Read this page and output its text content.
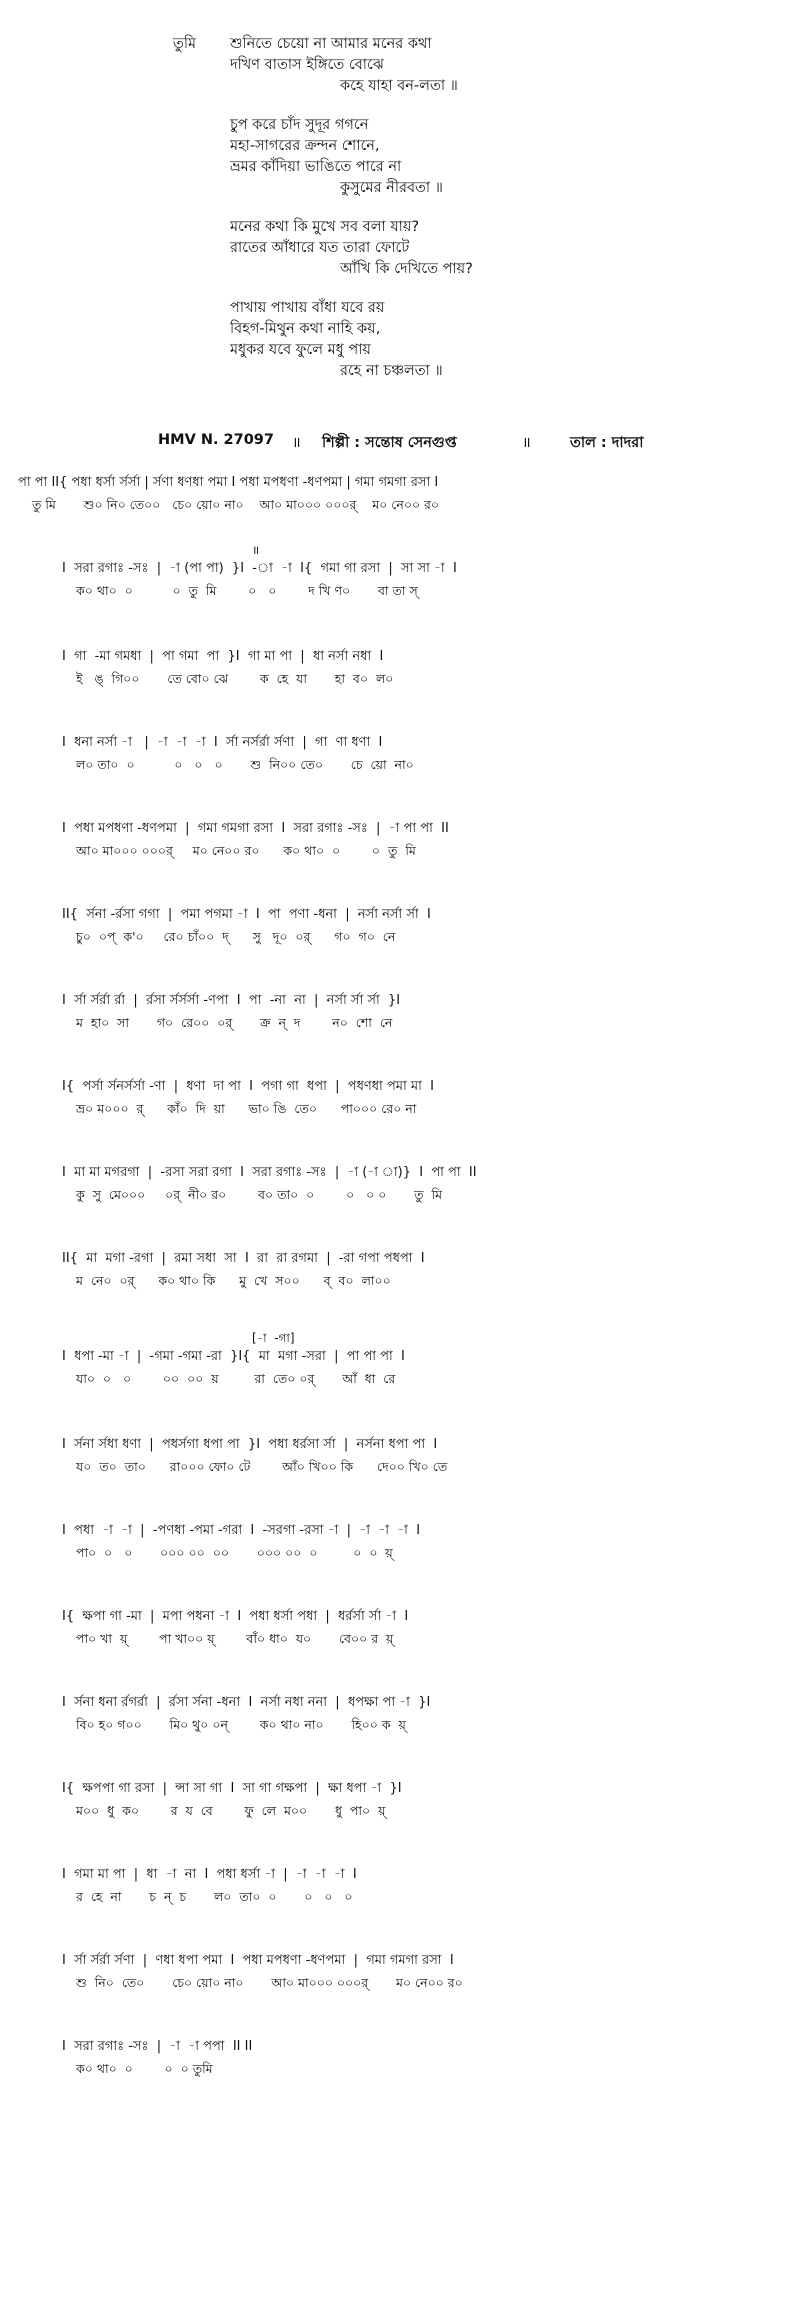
তুমি শুনিতে চেয়ো না আমার মনের কথা
দখিণ বাতাস ইঙ্গিতে বোঝে
কহে যাহা বন-লতা ॥
চুপ করে চাঁদ সুদূর গগনে
মহা-সাগরের ক্রন্দন শোনে,
ভ্রমর কাঁদিয়া ভাঙিতে পারে না
কুসুমের নীরবতা ॥
মনের কথা কি মুখে সব বলা যায়?
রাতের আঁধারে যত তারা ফোটে
আঁখি কি দেখিতে পায়?
পাখায় পাখায় বাঁধা যবে রয়
বিহগ-মিথুন কথা নাহি কয়,
মধুকর যবে ফুলে মধু পায়
রহে না চঞ্চলতা ॥
HMV N. 27097 ॥ শিল্পী : সন্তোষ সেনগুপ্ত	॥	তাল : দাদরা
পা পা II{ পধা ধর্সা র্সর্সা | র্সণা ধণধা পমা I পধা মপধণা -ধণপমা | গমা গমগা রসা I
তু মি       শু০ নি০ তে০০   চে০ য়ো০ না০    আ০ মা০০০ ০০০র্    ম০ নে০০ র০
॥
I  সরা রগাঃ -সঃ  |  -া (পা পা)  }I  -া  -া  I{  গমা গা রসা  |  সা সা -া  I
ক০ থা০  ০          ০  তু  মি        ০   ০        দ খি ণ০       বা তা স্
I  গা  -মা গমধা  |  পা গমা  পা  }I  গা মা পা  |  ধা নর্সা নধা  I
ই   ঙ্  গি০০       তে বো০ ঝে        ক  হে  যা       হা  ব০  ল০
I  ধনা নর্সা -া   |  -া  -া  -া  I  র্সা নর্সর্রা র্সণা  |  গা  ণা ধণা  I
ল০ তা০  ০          ০   ০   ০       শু  নি০০ তে০       চে  য়ো  না০
I  পধা মপধণা -ধণপমা  |  গমা গমগা রসা  I  সরা রগাঃ -সঃ  |  -া পা পা  II
আ০ মা০০০ ০০০র্     ম০ নে০০ র০      ক০ থা০  ০        ০  তু  মি
II{  র্সনা -র্রসা গগা  |  পমা পগমা -া  I  পা  পণা -ধনা  |  নর্সা নর্সা র্সা  I
চু০  ০প্  ক'০     রে০ চাঁ০০  দ্      সু   দূ০  ০র্      গ০  গ০  নে
I  র্সা র্সর্রা র্রা  |  র্রসা র্সর্সর্সা -ণপা  I  পা  -না  না  |  নর্সা র্সা র্সা  }I
ম  হা০  সা       গ০  রে০০  ০র্       ক্র  ন্  দ        ন০  শো  নে
I{  পর্সা র্সনর্সর্সা -ণা  |  ধণা  দা পা  I  পগা গা  ধপা  |  পধণধা পমা মা  I
ভ্র০ ম০০০  র্      কাঁ০  দি  য়া      ভা০ ঙি  তে০      পা০০০ রে০ না
I  মা মা মগরগা  |  -রসা সরা রগা  I  সরা রগাঃ -সঃ  |  -া (-া া)}  I  পা পা  II
কু  সু  মে০০০     ০র্  নী০ র০        ব০ তা০  ০        ০   ০ ০       তু  মি
II{  মা  মগা -রগা  |  রমা সধা  সা  I  রা  রা রগমা  |  -রা গপা পধপা  I
ম  নে০  ০র্      ক০ থা০ কি      মু  খে  স০০      ব্  ব০  লা০০
[-া  -গা]
I  ধপা -মা -া  |  -গমা -গমা -রা  }I{  মা  মগা -সরা  |  পা পা পা  I
যা০  ০   ০        ০০  ০০  য়         রা  তে০ ০র্       আঁ  ধা  রে
I  র্সনা র্সধা ধণা  |  পধর্সগা ধপা পা  }I  পধা ধর্রসা র্সা  |  নর্সনা ধপা পা  I
য০  ত০  তা০      রা০০০ ফো০ টে        আঁ০ খি০০ কি      দে০০ খি০ তে
I  পধা  -া  -া  |  -পণধা -পমা -গরা  I  -সরগা -রসা -া  |  -া  -া  -া  I
পা০  ০   ০       ০০০ ০০  ০০       ০০০ ০০  ০         ০  ০  য়্
I{  ক্ষপা গা -মা  |  মপা পধনা -া  I  পধা ধর্সা পধা  |  ধর্রর্সা র্সা -া  I
পা০ খা  য়্        পা খা০০ য়্        বাঁ০ ধা০  য০       বে০০ র  য়্
I  র্সনা ধনা র্রগর্রা  |  র্রসা র্সনা -ধনা  I  নর্সা নধা ননা  |  ধপক্ষা পা -া  }I
বি০ হ০ গ০০       মি০ থু০ ০ন্        ক০ থা০ না০       হি০০ ক  য়্
I{  ক্ষপপা গা রসা  |  ন্সা সা গা  I  সা গা গক্ষপা  |  ক্ষা ধপা -া  }I
ম০০  ধু  ক০        র  য  বে        ফু  লে  ম০০       ধু  পা০  য়্
I  গমা মা পা  |  ধা  -া  না  I  পধা ধর্সা -া  |  -া  -া  -া  I
র  হে  না       চ  ন্  চ       ল০  তা০  ০       ০   ০   ০
I  র্সা র্সর্রা র্সণা  |  ণধা ধপা পমা  I  পধা মপধণা -ধণপমা  |  গমা গমগা রসা  I
শু  নি০  তে০       চে০ য়ো০ না০       আ০ মা০০০ ০০০র্       ম০ নে০০ র০
I  সরা রগাঃ -সঃ  |  -া  -া পপা  II II
ক০ থা০  ০        ০  ০ তুমি
